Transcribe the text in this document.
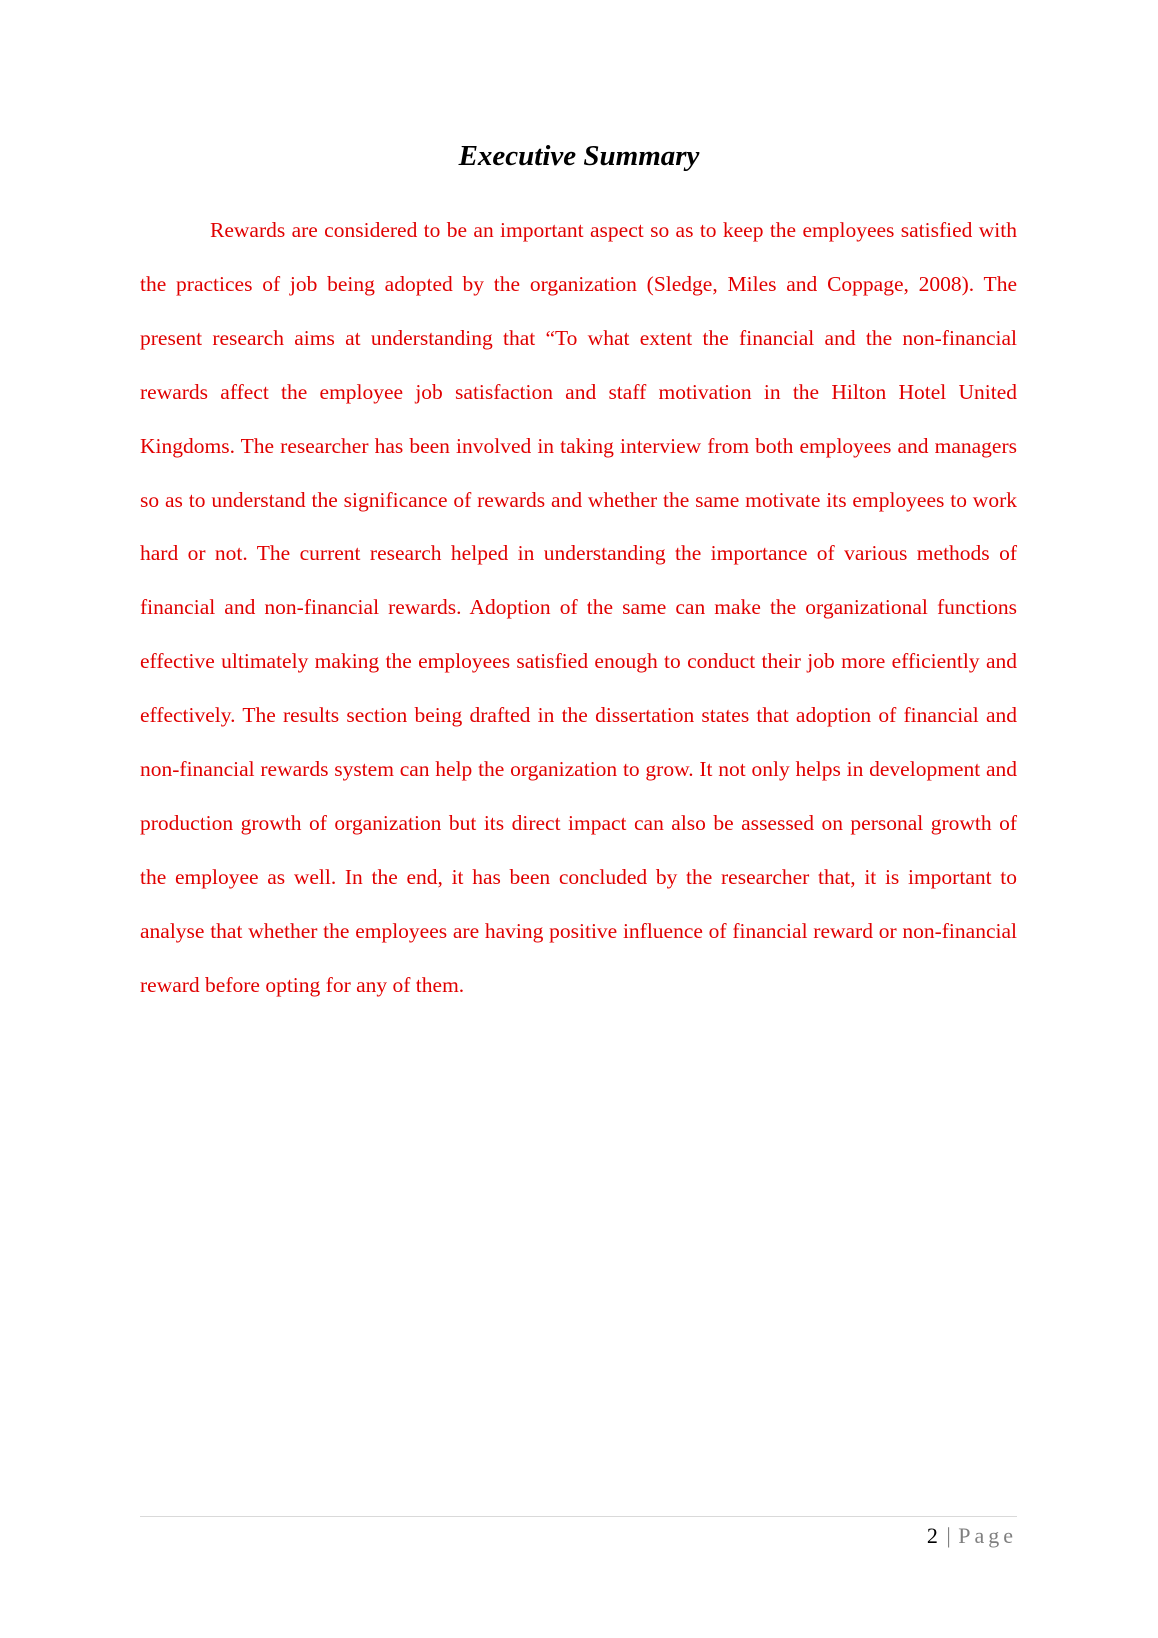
Executive Summary

Rewards are considered to be an important aspect so as to keep the employees satisfied with the practices of job being adopted by the organization (Sledge, Miles and Coppage, 2008). The present research aims at understanding that “To what extent the financial and the non-financial rewards affect the employee job satisfaction and staff motivation in the Hilton Hotel United Kingdoms. The researcher has been involved in taking interview from both employees and managers so as to understand the significance of rewards and whether the same motivate its employees to work hard or not. The current research helped in understanding the importance of various methods of financial and non-financial rewards. Adoption of the same can make the organizational functions effective ultimately making the employees satisfied enough to conduct their job more efficiently and effectively. The results section being drafted in the dissertation states that adoption of financial and non-financial rewards system can help the organization to grow. It not only helps in development and production growth of organization but its direct impact can also be assessed on personal growth of the employee as well. In the end, it has been concluded by the researcher that, it is important to analyse that whether the employees are having positive influence of financial reward or non-financial reward before opting for any of them.

2 | Page
